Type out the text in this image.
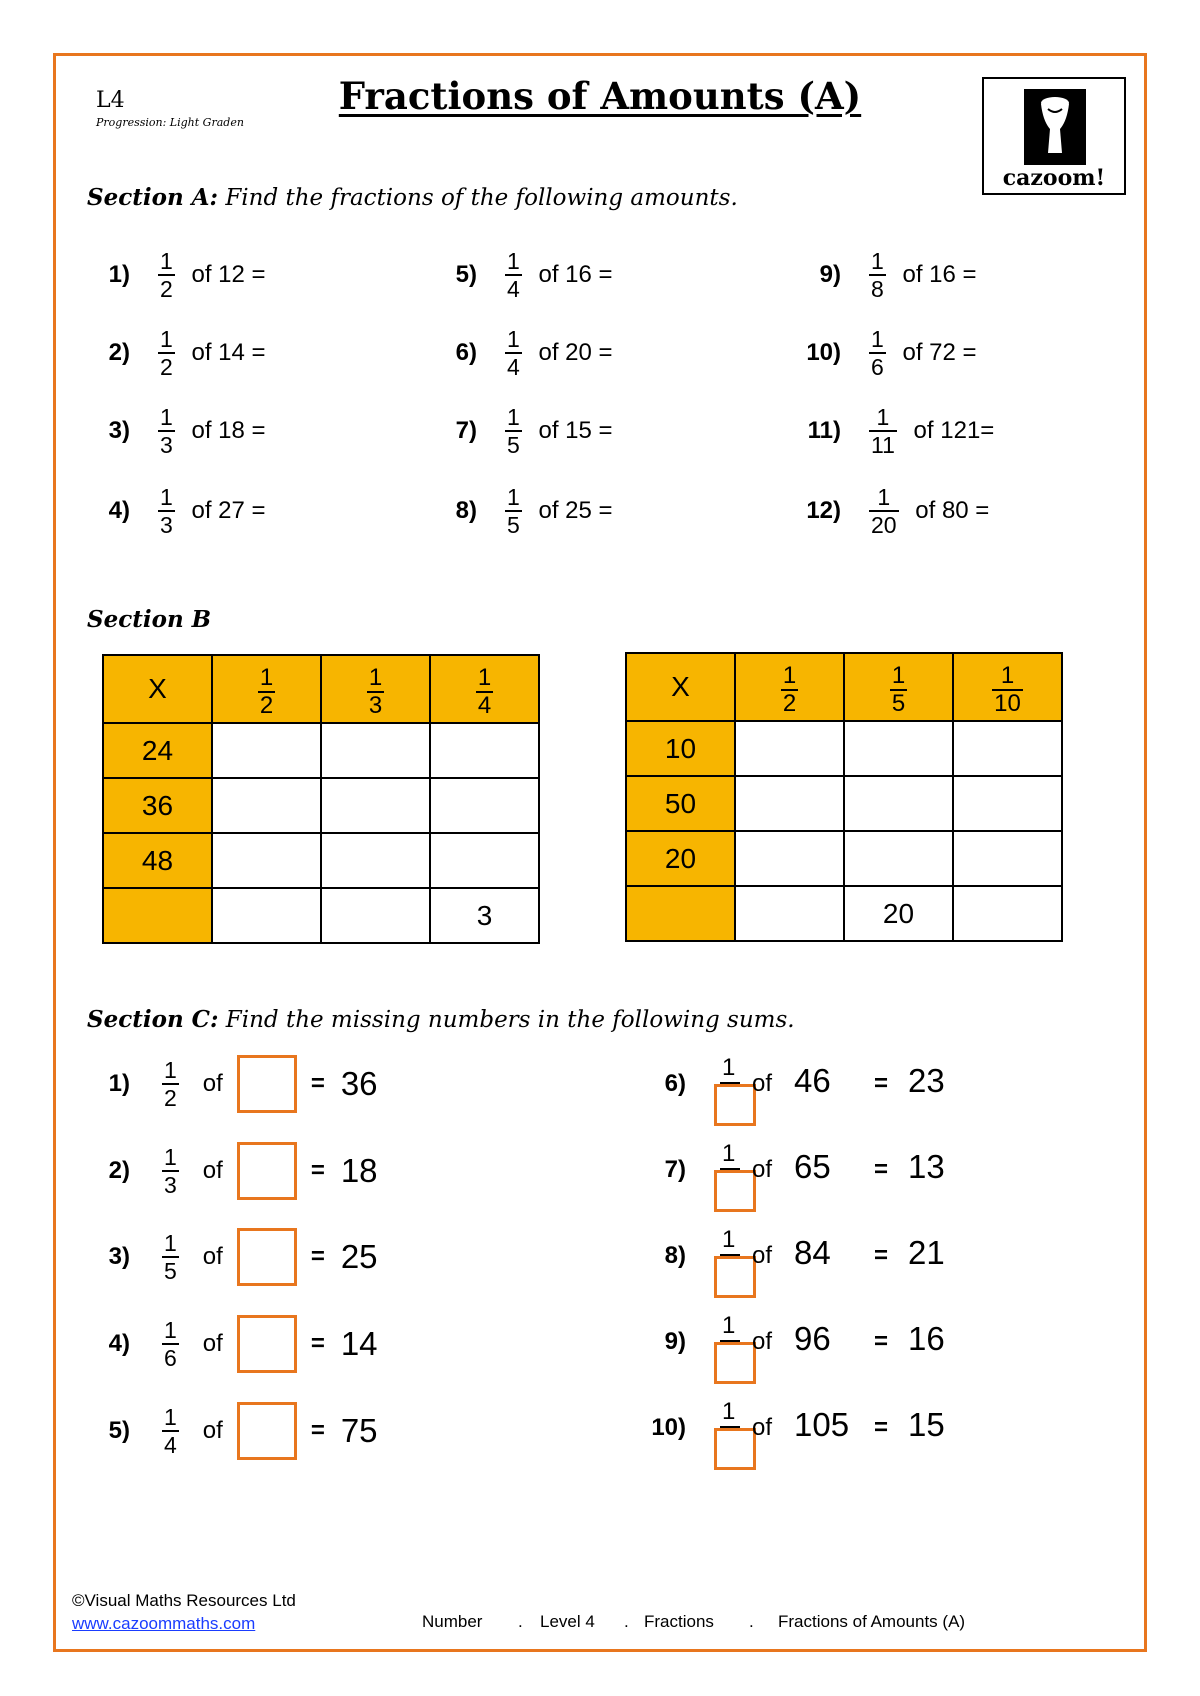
L4
Progression: Light Graden
Fractions of Amounts (A)
cazoom!
Section A: Find the fractions of the following amounts.
$1) \frac{1}{2}$ of 12 =
$2) \frac{1}{2}$ of 14 =
$3) \frac{1}{3}$ of 18 =
$4) \frac{1}{3}$ of 27 =
$5) \frac{1}{4}$ of 16 =
$6) \frac{1}{4}$ of 20 =
$7) \frac{1}{5}$ of 15 =
$8) \frac{1}{5}$ of 25 =
$9) \frac{1}{8}$ of 16 =
$10) \frac{1}{6}$ of 72 =
$11) \frac{1}{11}$ of 121=
$12) \frac{1}{20}$ of 80 =
Section B
X	$\frac{1}{2}$	$\frac{1}{3}$	$\frac{1}{4}$

24			
36			
48			
			3
X	$\frac{1}{2}$	$\frac{1}{5}$	$\frac{1}{10}$

10			
50			
20			
		20	
Section C: Find the missing numbers in the following sums.
$1) \frac{1}{2}$ of	= 36
$2) \frac{1}{3}$ of	= 18
$3) \frac{1}{5}$ of	= 25
$4) \frac{1}{6}$ of	= 14
$5) \frac{1}{4}$ of	= 75
6)
1
of 46 = 23
7)
1
of 65 = 13
8)
1
of 84 = 21
9)
1
of 96 = 16
10)
1
of 105 = 15
©Visual Maths Resources Ltd
www.cazoommaths.com	Number . Level 4 . Fractions . Fractions of Amounts (A)
